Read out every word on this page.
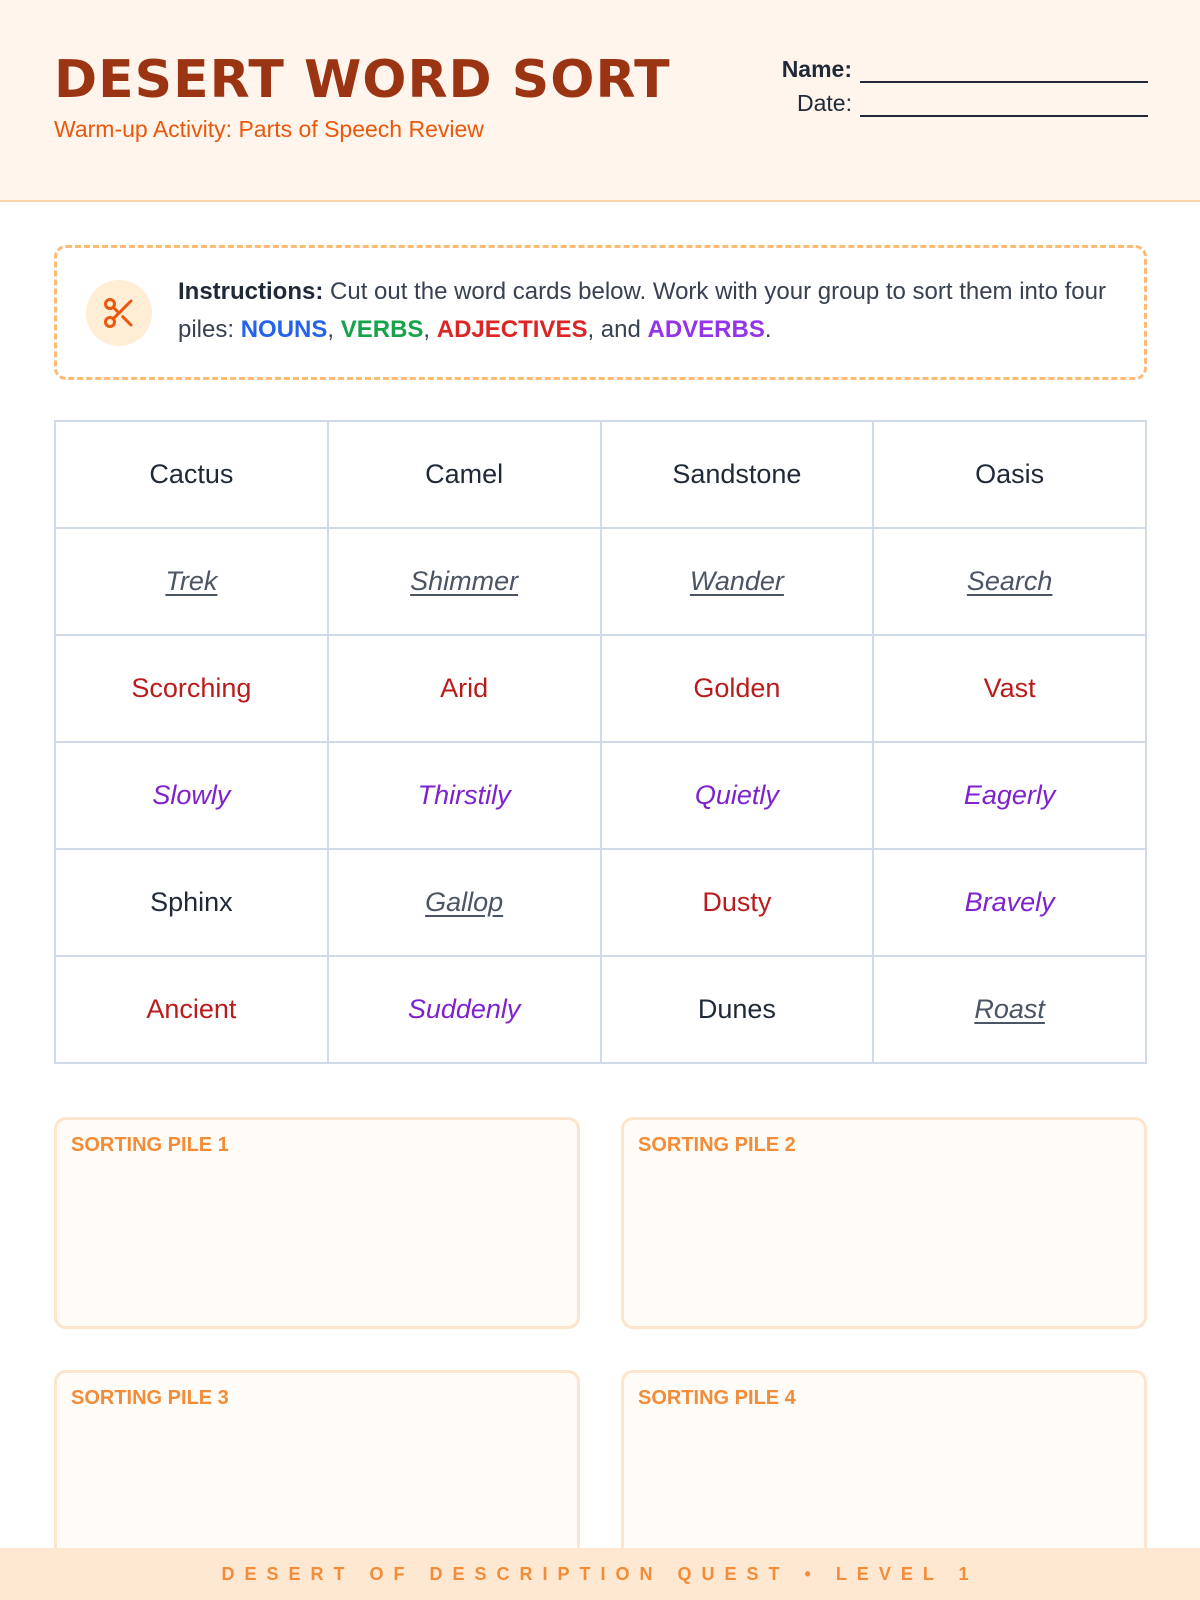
DESERT WORD SORT
Warm-up Activity: Parts of Speech Review
Name:
Date:
Instructions: Cut out the word cards below. Work with your group to sort them into four piles: NOUNS, VERBS, ADJECTIVES, and ADVERBS.
Cactus	Camel	Sandstone	Oasis
Trek	Shimmer	Wander	Search
Scorching	Arid	Golden	Vast
Slowly	Thirstily	Quietly	Eagerly
Sphinx	Gallop	Dusty	Bravely
Ancient	Suddenly	Dunes	Roast
SORTING PILE 1	SORTING PILE 2
SORTING PILE 3	SORTING PILE 4
DESERT OF DESCRIPTION QUEST • LEVEL 1
